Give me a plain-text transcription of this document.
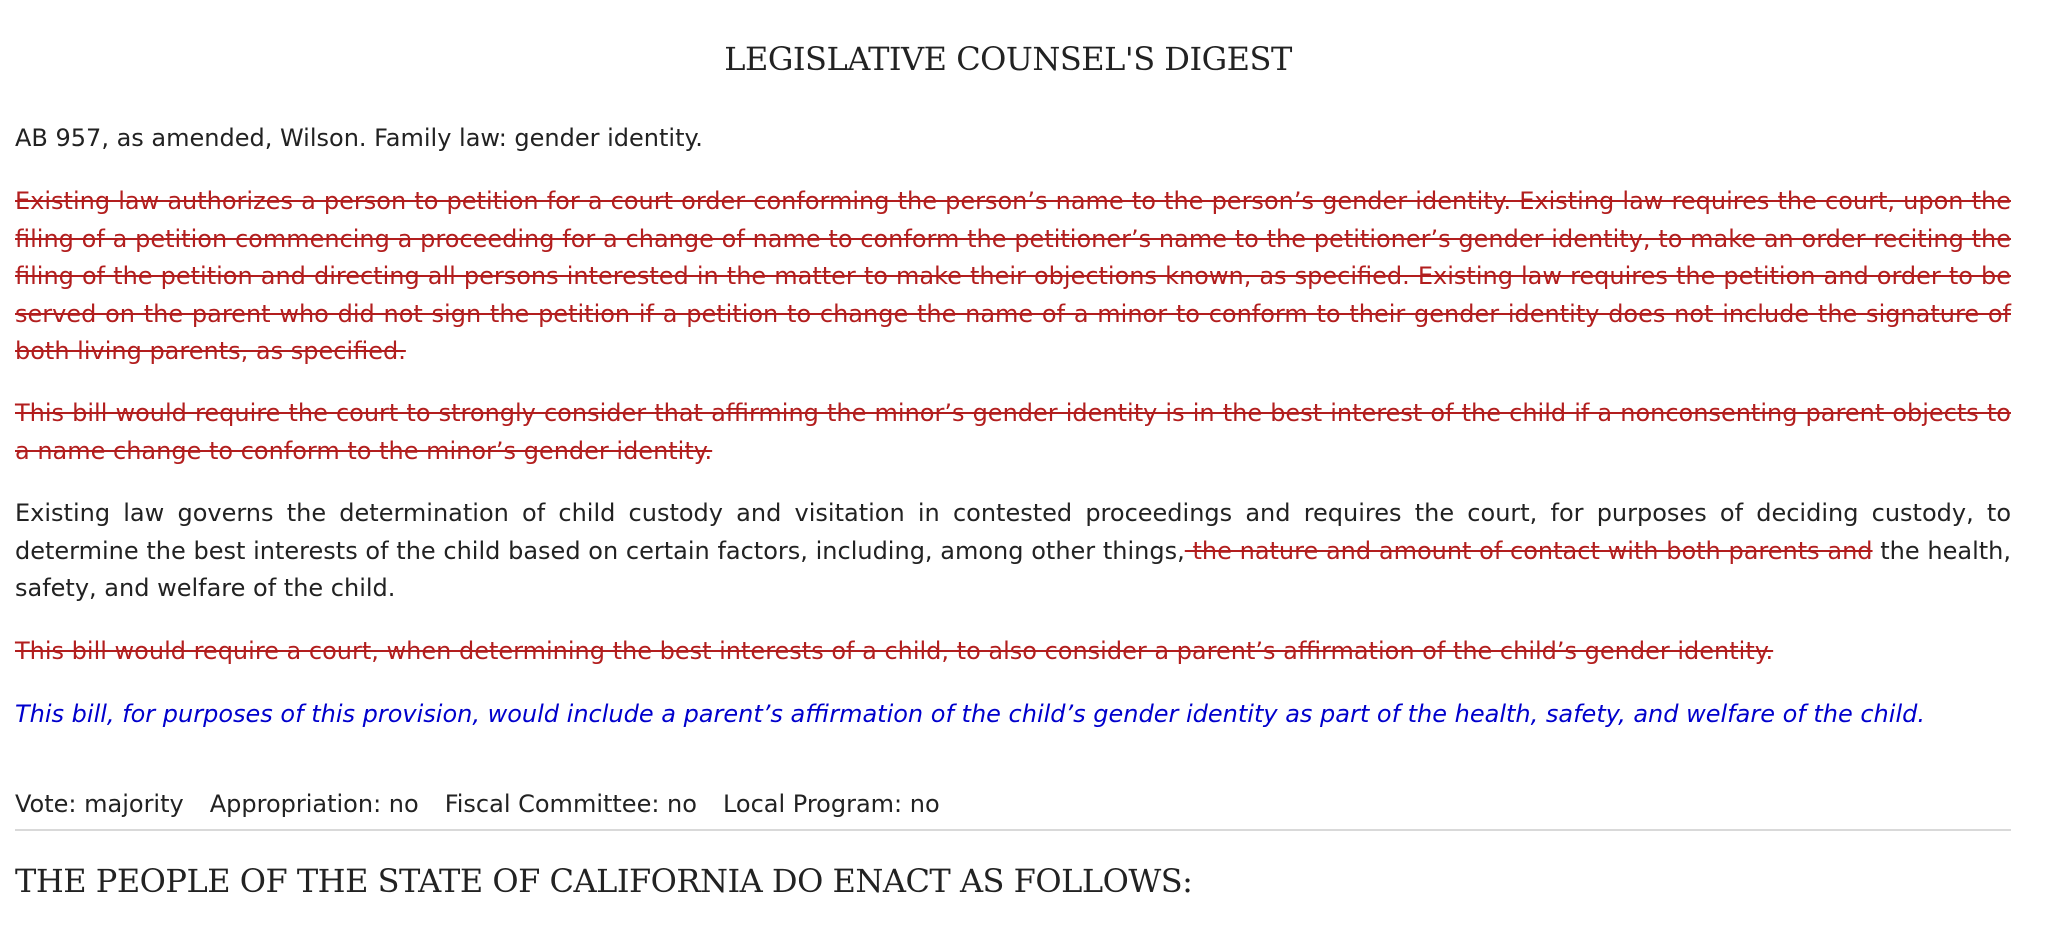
LEGISLATIVE COUNSEL'S DIGEST

AB 957, as amended, Wilson. Family law: gender identity.

Existing law authorizes a person to petition for a court order conforming the person’s name to the person’s gender identity. Existing law requires the court, upon the filing of a petition commencing a proceeding for a change of name to conform the petitioner’s name to the petitioner’s gender identity, to make an order reciting the filing of the petition and directing all persons interested in the matter to make their objections known, as specified. Existing law requires the petition and order to be served on the parent who did not sign the petition if a petition to change the name of a minor to conform to their gender identity does not include the signature of both living parents, as specified.

This bill would require the court to strongly consider that affirming the minor’s gender identity is in the best interest of the child if a nonconsenting parent objects to a name change to conform to the minor’s gender identity.

Existing law governs the determination of child custody and visitation in contested proceedings and requires the court, for purposes of deciding custody, to determine the best interests of the child based on certain factors, including, among other things, the nature and amount of contact with both parents and the health, safety, and welfare of the child.

This bill would require a court, when determining the best interests of a child, to also consider a parent’s affirmation of the child’s gender identity.

This bill, for purposes of this provision, would include a parent’s affirmation of the child’s gender identity as part of the health, safety, and welfare of the child.

Vote: majority Appropriation: no Fiscal Committee: no Local Program: no
THE PEOPLE OF THE STATE OF CALIFORNIA DO ENACT AS FOLLOWS:
